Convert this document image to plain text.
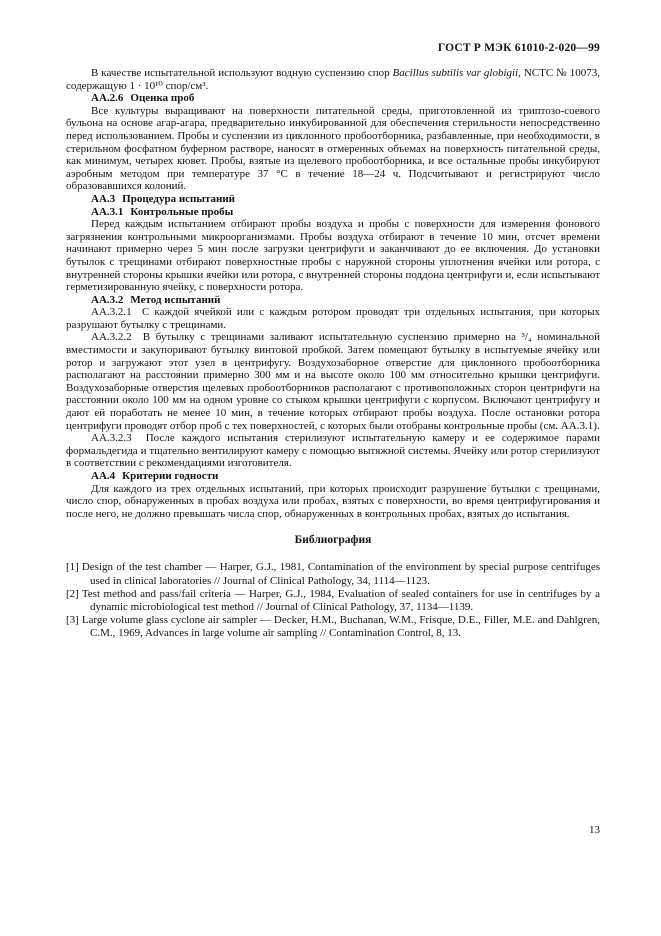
ГОСТ Р МЭК 61010-2-020—99

В качестве испытательной используют водную суспензию спор Bacillus subtilis var globigii, NCTC № 10073, содержащую 1 · 10¹⁰ спор/см³.

АА.2.6 Оценка проб

Все культуры выращивают на поверхности питательной среды, приготовленной из триптозо-соевого бульона на основе агар-агара, предварительно инкубированной для обеспечения стерильности непосредственно перед использованием. Пробы и суспензии из циклонного пробоотборника, разбавленные, при необходимости, в стерильном фосфатном буферном растворе, наносят в отмеренных объемах на поверхность питательной среды, как минимум, четырех кювет. Пробы, взятые из щелевого пробоотборника, и все остальные пробы инкубируют аэробным методом при температуре 37 °С в течение 18—24 ч. Подсчитывают и регистрируют число образовавшихся колоний.

АА.3 Процедура испытаний

АА.3.1 Контрольные пробы

Перед каждым испытанием отбирают пробы воздуха и пробы с поверхности для измерения фонового загрязнения контрольными микроорганизмами. Пробы воздуха отбирают в течение 10 мин, отсчет времени начинают примерно через 5 мин после загрузки центрифуги и заканчивают до ее включения. До установки бутылок с трещинами отбирают поверхностные пробы с наружной стороны уплотнения ячейки или ротора, с внутренней стороны крышки ячейки или ротора, с внутренней стороны поддона центрифуги и, если испытывают герметизированную ячейку, с поверхности ротора.

АА.3.2 Метод испытаний

АА.3.2.1  С каждой ячейкой или с каждым ротором проводят три отдельных испытания, при которых разрушают бутылку с трещинами.

АА.3.2.2  В бутылку с трещинами заливают испытательную суспензию примерно на ³/₄ номинальной вместимости и закупоривают бутылку винтовой пробкой. Затем помещают бутылку в испытуемые ячейку или ротор и загружают этот узел в центрифугу. Воздухозаборное отверстие для циклонного пробоотборника располагают на расстоянии примерно 300 мм и на высоте около 100 мм относительно крышки центрифуги. Воздухозаборные отверстия щелевых пробоотборников располагают с противоположных сторон центрифуги на расстоянии около 100 мм на одном уровне со стыком крышки центрифуги с корпусом. Включают центрифугу и дают ей поработать не менее 10 мин, в течение которых отбирают пробы воздуха. После остановки ротора центрифуги проводят отбор проб с тех поверхностей, с которых были отобраны контрольные пробы (см. АА.3.1).

АА.3.2.3  После каждого испытания стерилизуют испытательную камеру и ее содержимое парами формальдегида и тщательно вентилируют камеру с помощью вытяжной системы. Ячейку или ротор стерилизуют в соответствии с рекомендациями изготовителя.

АА.4 Критерии годности

Для каждого из трех отдельных испытаний, при которых происходит разрушение бутылки с трещинами, число спор, обнаруженных в пробах воздуха или пробах, взятых с поверхности, во время центрифугирования и после него, не должно превышать числа спор, обнаруженных в контрольных пробах, взятых до испытания.

Библиография

[1] Design of the test chamber — Harper, G.J., 1981, Contamination of the environment by special purpose centrifuges used in clinical laboratories // Journal of Clinical Pathology, 34, 1114—1123.

[2] Test method and pass/fail criteria — Harper, G.J., 1984, Evaluation of sealed containers for use in centrifuges by a dynamic microbiological test method // Journal of Clinical Pathology, 37, 1134—1139.

[3] Large volume glass cyclone air sampler — Decker, H.M., Buchanan, W.M., Frisque, D.E., Filler, M.E. and Dahlgren, C.M., 1969, Advances in large volume air sampling // Contamination Control, 8, 13.

13
